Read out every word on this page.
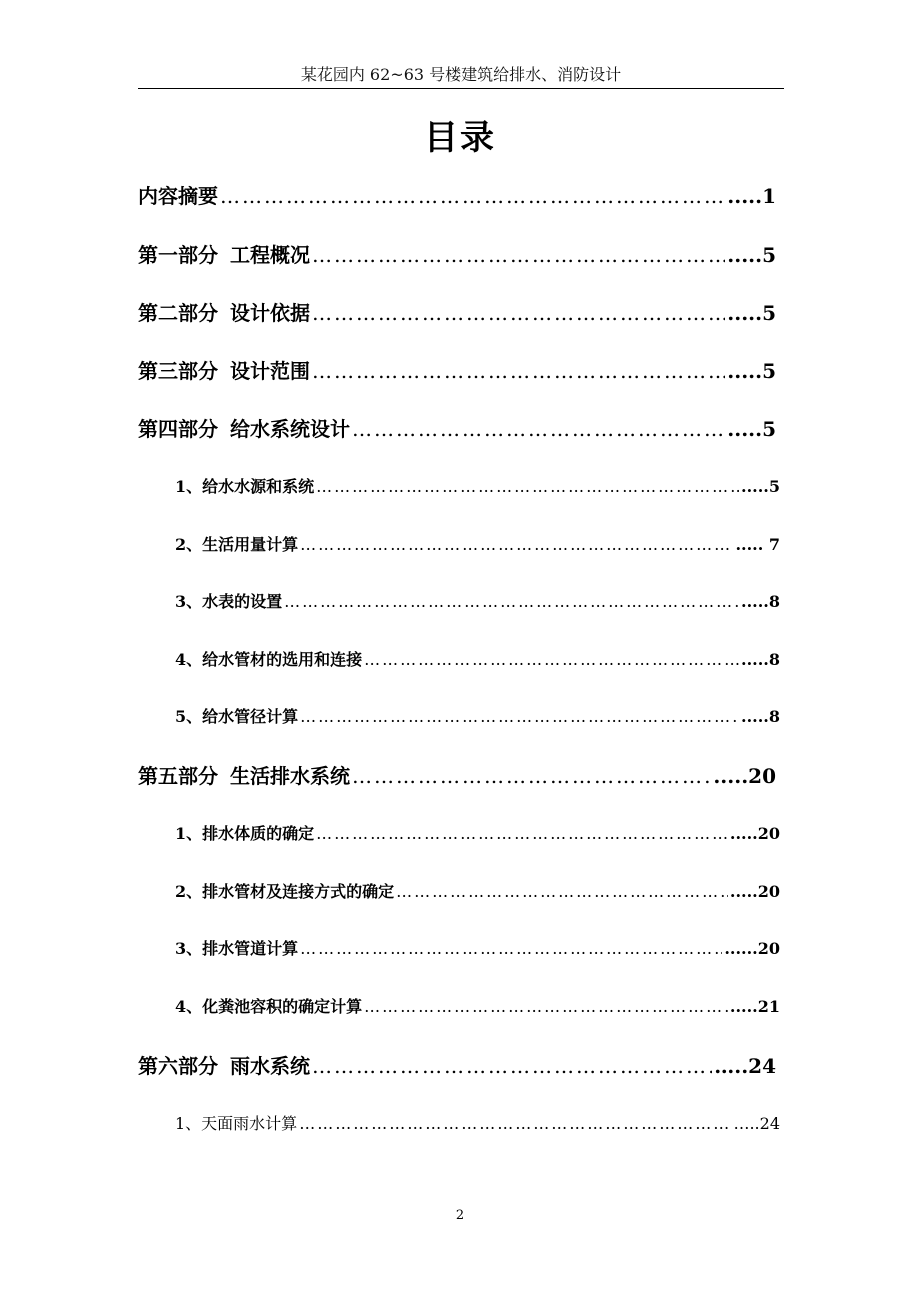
某花园内 62~63 号楼建筑给排水、消防设计
目录
内容摘要 ……………………………………………………………………………………………………………………………………………………………………	.....1
第一部分 工程概况 ……………………………………………………………………………………………………………………………………………………………………	.....5
第二部分 设计依据 ……………………………………………………………………………………………………………………………………………………………………	.....5
第三部分 设计范围 ……………………………………………………………………………………………………………………………………………………………………	.....5
第四部分 给水系统设计 ……………………………………………………………………………………………………………………………………………………………………	.....5
1、给水水源和系统 ……………………………………………………………………………………………………………………………………………………………………	.....5
2、生活用量计算 ……………………………………………………………………………………………………………………………………………………………………	..... 7
3、水表的设置 ……………………………………………………………………………………………………………………………………………………………………	.....8
4、给水管材的选用和连接 ……………………………………………………………………………………………………………………………………………………………………	.....8
5、给水管径计算 ……………………………………………………………………………………………………………………………………………………………………	.....8
第五部分 生活排水系统 ……………………………………………………………………………………………………………………………………………………………………	.....20
1、排水体质的确定 ……………………………………………………………………………………………………………………………………………………………………	.....20
2、排水管材及连接方式的确定 ……………………………………………………………………………………………………………………………………………………………………	.....20
3、排水管道计算 ……………………………………………………………………………………………………………………………………………………………………	......20
4、化粪池容积的确定计算 ……………………………………………………………………………………………………………………………………………………………………	.....21
第六部分 雨水系统 ……………………………………………………………………………………………………………………………………………………………………	…..24
1、天面雨水计算 ……………………………………………………………………………………………………………………………………………………………………	…..24
2
